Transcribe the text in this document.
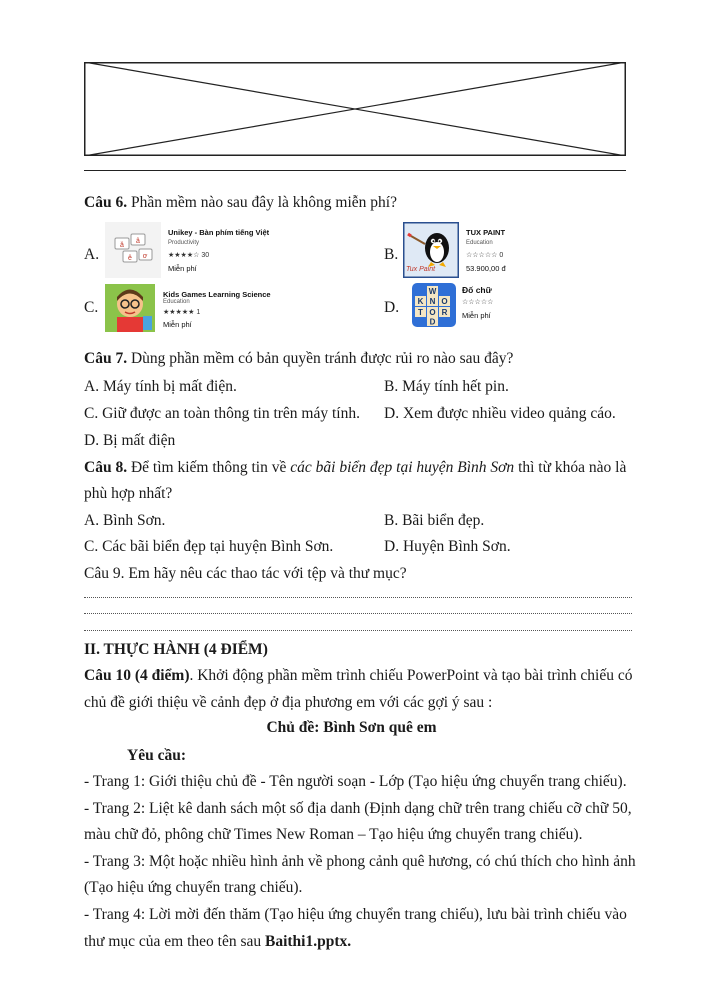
Câu 6. Phần mềm nào sau đây là không miễn phí?
A.
ă
â
ê ơ
Unikey - Bàn phím tiếng Việt
Productivity
★★★★☆ 30
Miễn phí
B.
Tux Paint
TUX PAINT
Education
☆☆☆☆☆ 0
53.900,00 đ
C.
Kids Games Learning Science
Education
★★★★★ 1
Miễn phí
D.
W
K N O
T O R
D
Đố chữ
☆☆☆☆☆
Miễn phí
Câu 7. Dùng phần mềm có bản quyền tránh được rủi ro nào sau đây?
A. Máy tính bị mất điện.	B. Máy tính hết pin.
C. Giữ được an toàn thông tin trên máy tính. D. Xem được nhiều video quảng cáo.
D. Bị mất điện
Câu 8. Để tìm kiếm thông tin về các bãi biển đẹp tại huyện Bình Sơn thì từ khóa nào là
phù hợp nhất?
A. Bình Sơn.	B. Bãi biển đẹp.
C. Các bãi biển đẹp tại huyện Bình Sơn.	D. Huyện Bình Sơn.
Câu 9. Em hãy nêu các thao tác với tệp và thư mục?
II. THỰC HÀNH (4 ĐIỂM)
Câu 10 (4 điểm). Khởi động phần mềm trình chiếu PowerPoint và tạo bài trình chiếu có
chủ đề giới thiệu về cảnh đẹp ở địa phương em với các gợi ý sau :
Chủ đề: Bình Sơn quê em
Yêu cầu:
- Trang 1: Giới thiệu chủ đề - Tên người soạn - Lớp (Tạo hiệu ứng chuyển trang chiếu).
- Trang 2: Liệt kê danh sách một số địa danh (Định dạng chữ trên trang chiếu cỡ chữ 50,
màu chữ đỏ, phông chữ Times New Roman – Tạo hiệu ứng chuyển trang chiếu).
- Trang 3: Một hoặc nhiều hình ảnh về phong cảnh quê hương, có chú thích cho hình ảnh
(Tạo hiệu ứng chuyển trang chiếu).
- Trang 4: Lời mời đến thăm (Tạo hiệu ứng chuyển trang chiếu), lưu bài trình chiếu vào
thư mục của em theo tên sau Baithi1.pptx.
